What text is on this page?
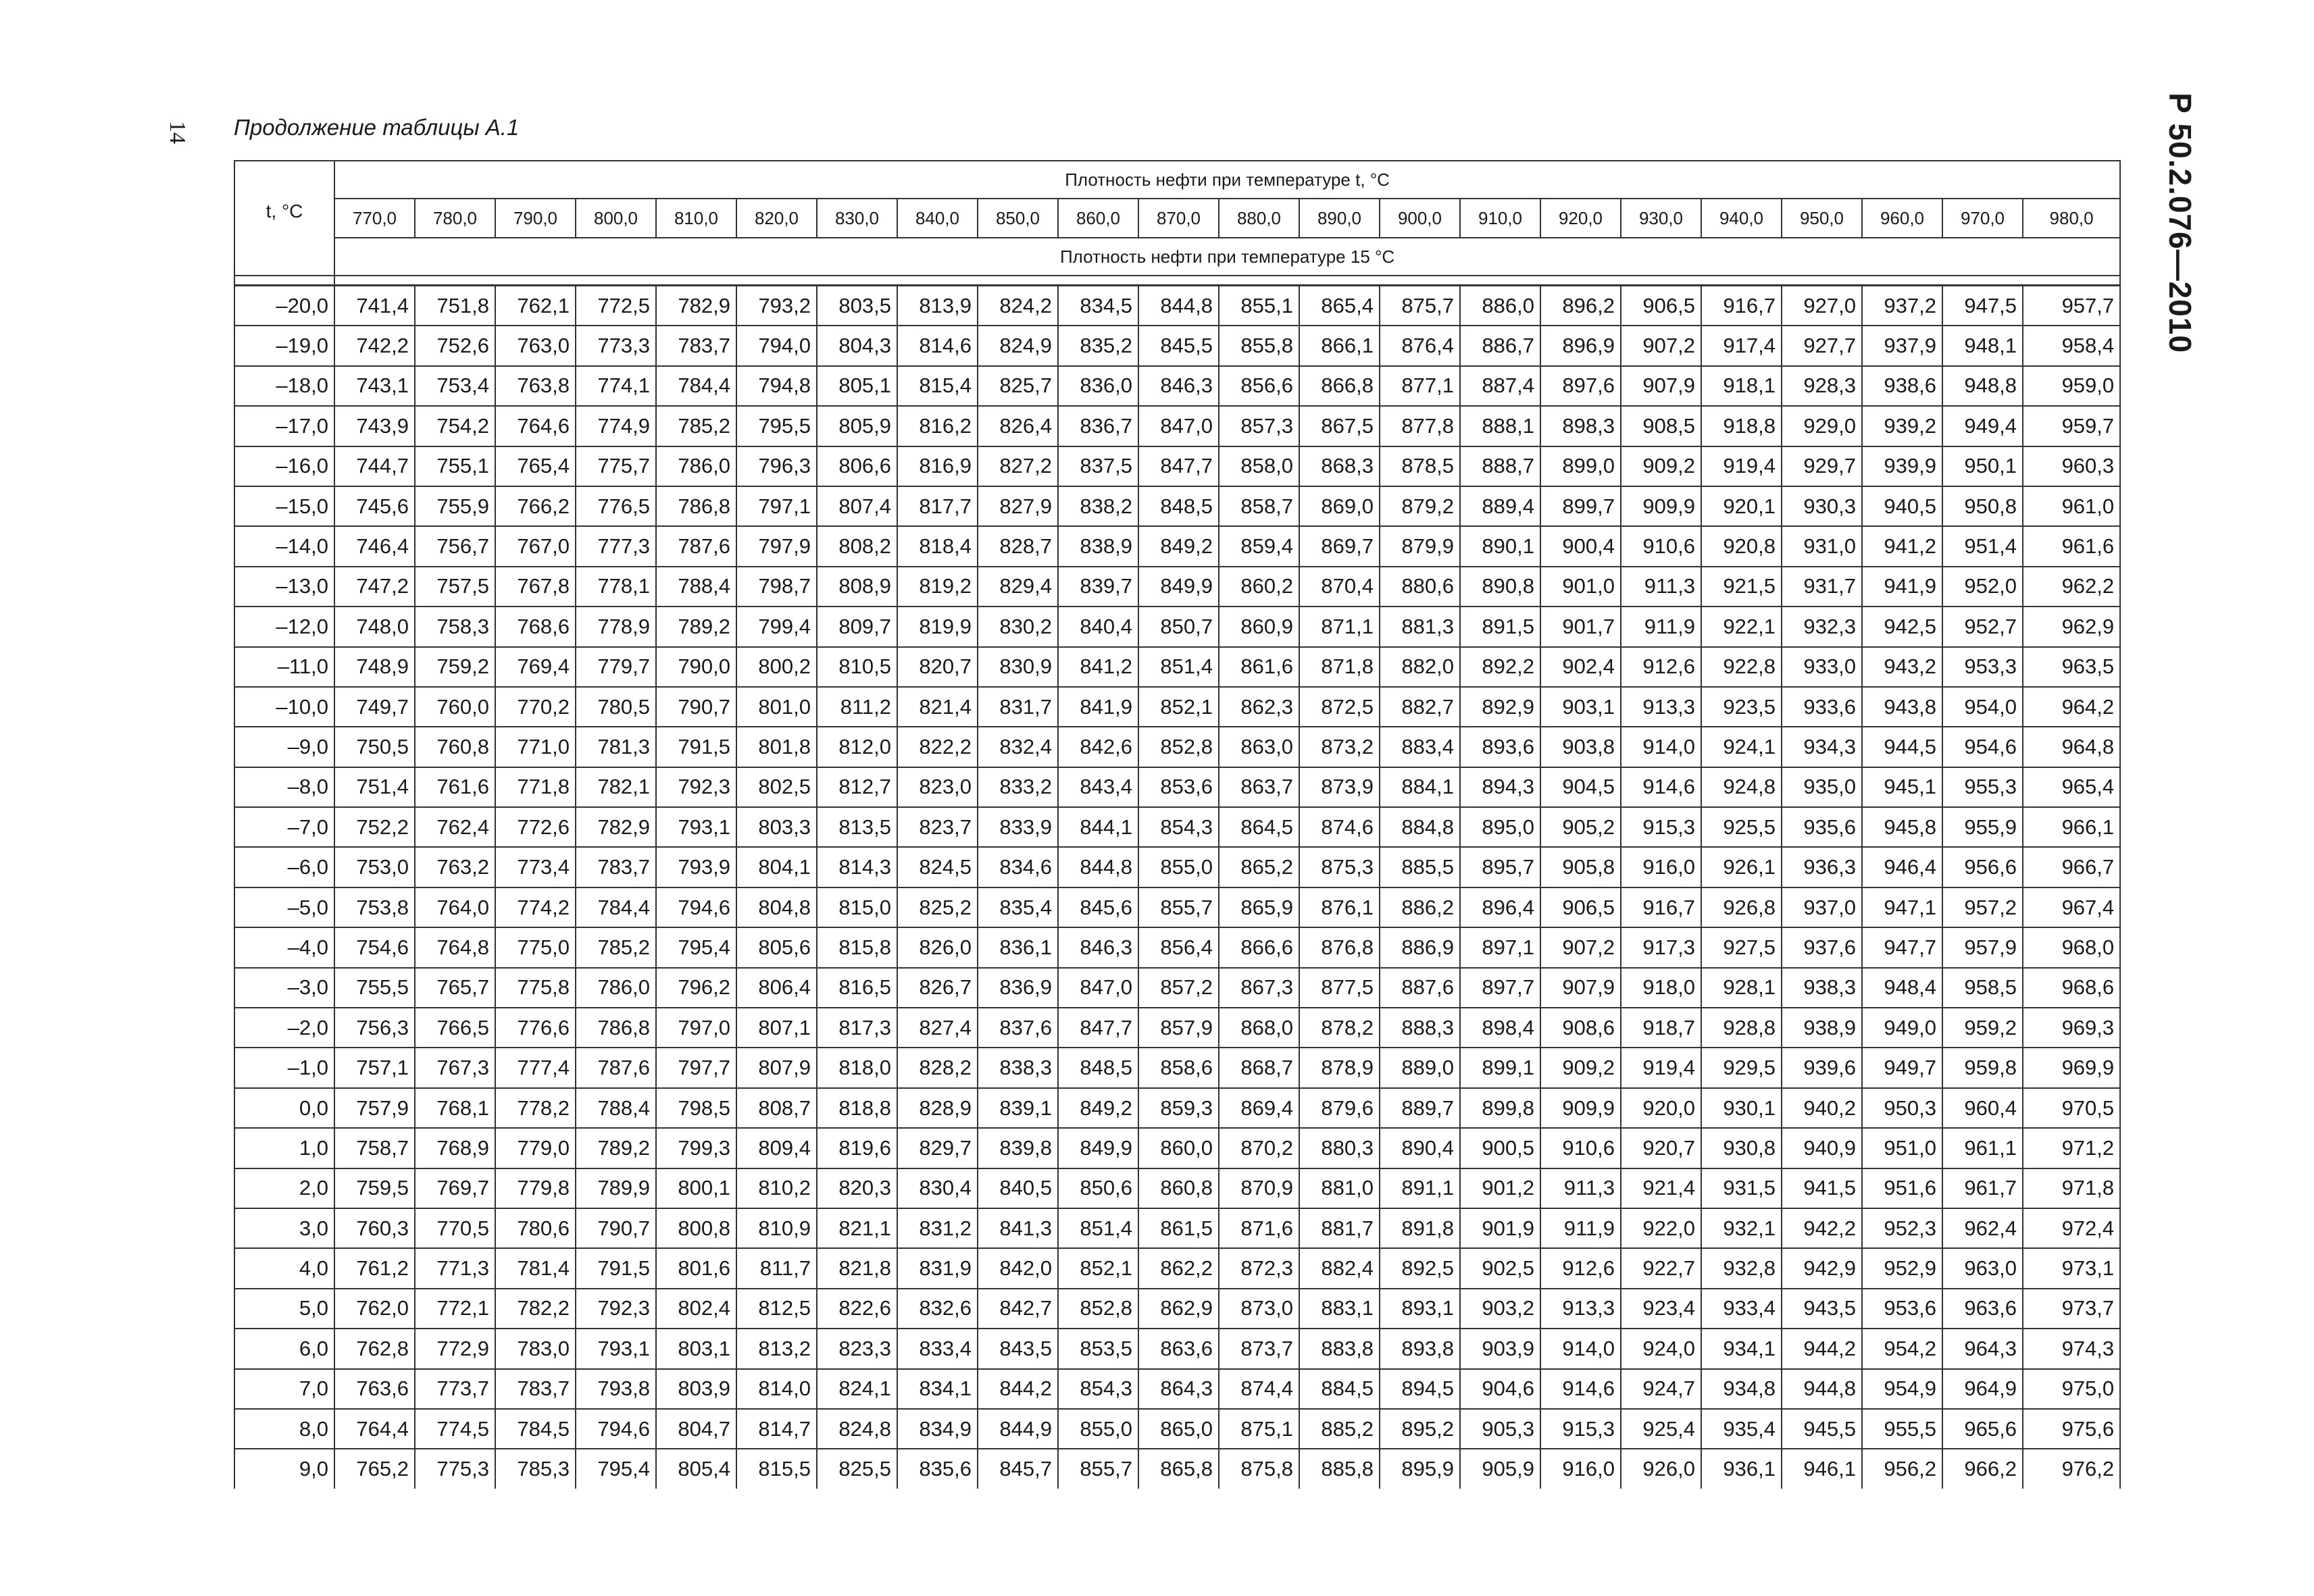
14 Продолжение таблицы А.1	Р 50.2.076—2010
t, °С	Плотность нефти при температуре t, °С																					
	770,0	780,0	790,0	800,0	810,0	820,0	830,0	840,0	850,0	860,0	870,0	880,0	890,0	900,0	910,0	920,0	930,0	940,0	950,0	960,0	970,0	980,0
	Плотность нефти при температуре 15 °С																					

–20,0	741,4	751,8	762,1	772,5	782,9	793,2	803,5	813,9	824,2	834,5	844,8	855,1	865,4	875,7	886,0	896,2	906,5	916,7	927,0	937,2	947,5	957,7
–19,0	742,2	752,6	763,0	773,3	783,7	794,0	804,3	814,6	824,9	835,2	845,5	855,8	866,1	876,4	886,7	896,9	907,2	917,4	927,7	937,9	948,1	958,4
–18,0	743,1	753,4	763,8	774,1	784,4	794,8	805,1	815,4	825,7	836,0	846,3	856,6	866,8	877,1	887,4	897,6	907,9	918,1	928,3	938,6	948,8	959,0
–17,0	743,9	754,2	764,6	774,9	785,2	795,5	805,9	816,2	826,4	836,7	847,0	857,3	867,5	877,8	888,1	898,3	908,5	918,8	929,0	939,2	949,4	959,7
–16,0	744,7	755,1	765,4	775,7	786,0	796,3	806,6	816,9	827,2	837,5	847,7	858,0	868,3	878,5	888,7	899,0	909,2	919,4	929,7	939,9	950,1	960,3
–15,0	745,6	755,9	766,2	776,5	786,8	797,1	807,4	817,7	827,9	838,2	848,5	858,7	869,0	879,2	889,4	899,7	909,9	920,1	930,3	940,5	950,8	961,0
–14,0	746,4	756,7	767,0	777,3	787,6	797,9	808,2	818,4	828,7	838,9	849,2	859,4	869,7	879,9	890,1	900,4	910,6	920,8	931,0	941,2	951,4	961,6
–13,0	747,2	757,5	767,8	778,1	788,4	798,7	808,9	819,2	829,4	839,7	849,9	860,2	870,4	880,6	890,8	901,0	911,3	921,5	931,7	941,9	952,0	962,2
–12,0	748,0	758,3	768,6	778,9	789,2	799,4	809,7	819,9	830,2	840,4	850,7	860,9	871,1	881,3	891,5	901,7	911,9	922,1	932,3	942,5	952,7	962,9
–11,0	748,9	759,2	769,4	779,7	790,0	800,2	810,5	820,7	830,9	841,2	851,4	861,6	871,8	882,0	892,2	902,4	912,6	922,8	933,0	943,2	953,3	963,5
–10,0	749,7	760,0	770,2	780,5	790,7	801,0	811,2	821,4	831,7	841,9	852,1	862,3	872,5	882,7	892,9	903,1	913,3	923,5	933,6	943,8	954,0	964,2
–9,0	750,5	760,8	771,0	781,3	791,5	801,8	812,0	822,2	832,4	842,6	852,8	863,0	873,2	883,4	893,6	903,8	914,0	924,1	934,3	944,5	954,6	964,8
–8,0	751,4	761,6	771,8	782,1	792,3	802,5	812,7	823,0	833,2	843,4	853,6	863,7	873,9	884,1	894,3	904,5	914,6	924,8	935,0	945,1	955,3	965,4
–7,0	752,2	762,4	772,6	782,9	793,1	803,3	813,5	823,7	833,9	844,1	854,3	864,5	874,6	884,8	895,0	905,2	915,3	925,5	935,6	945,8	955,9	966,1
–6,0	753,0	763,2	773,4	783,7	793,9	804,1	814,3	824,5	834,6	844,8	855,0	865,2	875,3	885,5	895,7	905,8	916,0	926,1	936,3	946,4	956,6	966,7
–5,0	753,8	764,0	774,2	784,4	794,6	804,8	815,0	825,2	835,4	845,6	855,7	865,9	876,1	886,2	896,4	906,5	916,7	926,8	937,0	947,1	957,2	967,4
–4,0	754,6	764,8	775,0	785,2	795,4	805,6	815,8	826,0	836,1	846,3	856,4	866,6	876,8	886,9	897,1	907,2	917,3	927,5	937,6	947,7	957,9	968,0
–3,0	755,5	765,7	775,8	786,0	796,2	806,4	816,5	826,7	836,9	847,0	857,2	867,3	877,5	887,6	897,7	907,9	918,0	928,1	938,3	948,4	958,5	968,6
–2,0	756,3	766,5	776,6	786,8	797,0	807,1	817,3	827,4	837,6	847,7	857,9	868,0	878,2	888,3	898,4	908,6	918,7	928,8	938,9	949,0	959,2	969,3
–1,0	757,1	767,3	777,4	787,6	797,7	807,9	818,0	828,2	838,3	848,5	858,6	868,7	878,9	889,0	899,1	909,2	919,4	929,5	939,6	949,7	959,8	969,9
0,0	757,9	768,1	778,2	788,4	798,5	808,7	818,8	828,9	839,1	849,2	859,3	869,4	879,6	889,7	899,8	909,9	920,0	930,1	940,2	950,3	960,4	970,5
1,0	758,7	768,9	779,0	789,2	799,3	809,4	819,6	829,7	839,8	849,9	860,0	870,2	880,3	890,4	900,5	910,6	920,7	930,8	940,9	951,0	961,1	971,2
2,0	759,5	769,7	779,8	789,9	800,1	810,2	820,3	830,4	840,5	850,6	860,8	870,9	881,0	891,1	901,2	911,3	921,4	931,5	941,5	951,6	961,7	971,8
3,0	760,3	770,5	780,6	790,7	800,8	810,9	821,1	831,2	841,3	851,4	861,5	871,6	881,7	891,8	901,9	911,9	922,0	932,1	942,2	952,3	962,4	972,4
4,0	761,2	771,3	781,4	791,5	801,6	811,7	821,8	831,9	842,0	852,1	862,2	872,3	882,4	892,5	902,5	912,6	922,7	932,8	942,9	952,9	963,0	973,1
5,0	762,0	772,1	782,2	792,3	802,4	812,5	822,6	832,6	842,7	852,8	862,9	873,0	883,1	893,1	903,2	913,3	923,4	933,4	943,5	953,6	963,6	973,7
6,0	762,8	772,9	783,0	793,1	803,1	813,2	823,3	833,4	843,5	853,5	863,6	873,7	883,8	893,8	903,9	914,0	924,0	934,1	944,2	954,2	964,3	974,3
7,0	763,6	773,7	783,7	793,8	803,9	814,0	824,1	834,1	844,2	854,3	864,3	874,4	884,5	894,5	904,6	914,6	924,7	934,8	944,8	954,9	964,9	975,0
8,0	764,4	774,5	784,5	794,6	804,7	814,7	824,8	834,9	844,9	855,0	865,0	875,1	885,2	895,2	905,3	915,3	925,4	935,4	945,5	955,5	965,6	975,6
9,0	765,2	775,3	785,3	795,4	805,4	815,5	825,5	835,6	845,7	855,7	865,8	875,8	885,8	895,9	905,9	916,0	926,0	936,1	946,1	956,2	966,2	976,2
